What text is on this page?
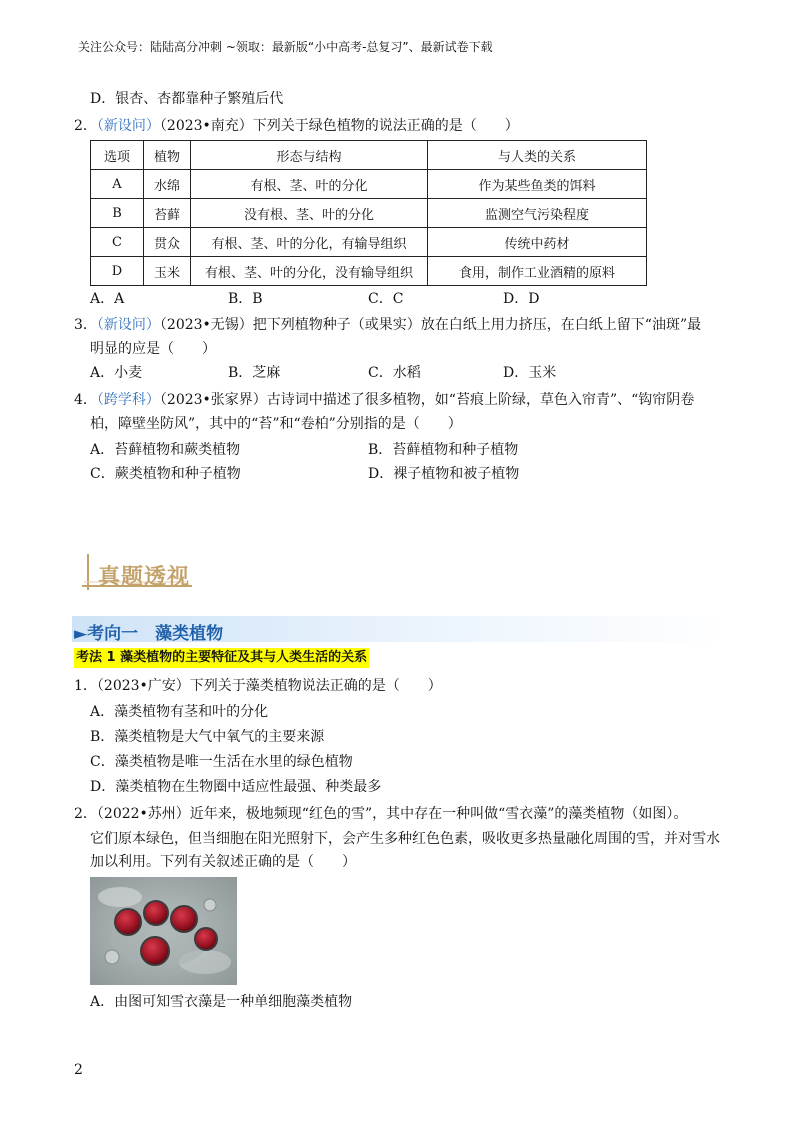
关注公众号：陆陆高分冲刺 ~领取：最新版“小中高考-总复习”、最新试卷下载
D．银杏、杏都靠种子繁殖后代
2．（新设问）（2023•南充）下列关于绿色植物的说法正确的是（　　）
选项	植物	形态与结构	与人类的关系
A	水绵	有根、茎、叶的分化	作为某些鱼类的饵料
B	苔藓	没有根、茎、叶的分化	监测空气污染程度
C	贯众	有根、茎、叶的分化，有输导组织	传统中药材
D	玉米	有根、茎、叶的分化，没有输导组织	食用，制作工业酒精的原料
A．A	B．B	C．C	D．D
3．（新设问）（2023•无锡）把下列植物种子（或果实）放在白纸上用力挤压，在白纸上留下“油斑”最
明显的应是（　　）
A．小麦	B．芝麻	C．水稻	D．玉米
4．（跨学科）（2023•张家界）古诗词中描述了很多植物，如“苔痕上阶绿，草色入帘青”、“钩帘阴卷
柏，障壁坐防风”，其中的“苔”和“卷柏”分别指的是（　　）
A．苔藓植物和蕨类植物	B．苔藓植物和种子植物
C．蕨类植物和种子植物	D．裸子植物和被子植物
真题透视
►考向一　藻类植物
考法 1 藻类植物的主要特征及其与人类生活的关系
1．（2023•广安）下列关于藻类植物说法正确的是（　　）
A．藻类植物有茎和叶的分化
B．藻类植物是大气中氧气的主要来源
C．藻类植物是唯一生活在水里的绿色植物
D．藻类植物在生物圈中适应性最强、种类最多
2．（2022•苏州）近年来，极地频现“红色的雪”，其中存在一种叫做“雪衣藻”的藻类植物（如图）。
它们原本绿色，但当细胞在阳光照射下，会产生多种红色色素，吸收更多热量融化周围的雪，并对雪水
加以利用。下列有关叙述正确的是（　　）
A．由图可知雪衣藻是一种单细胞藻类植物
2
